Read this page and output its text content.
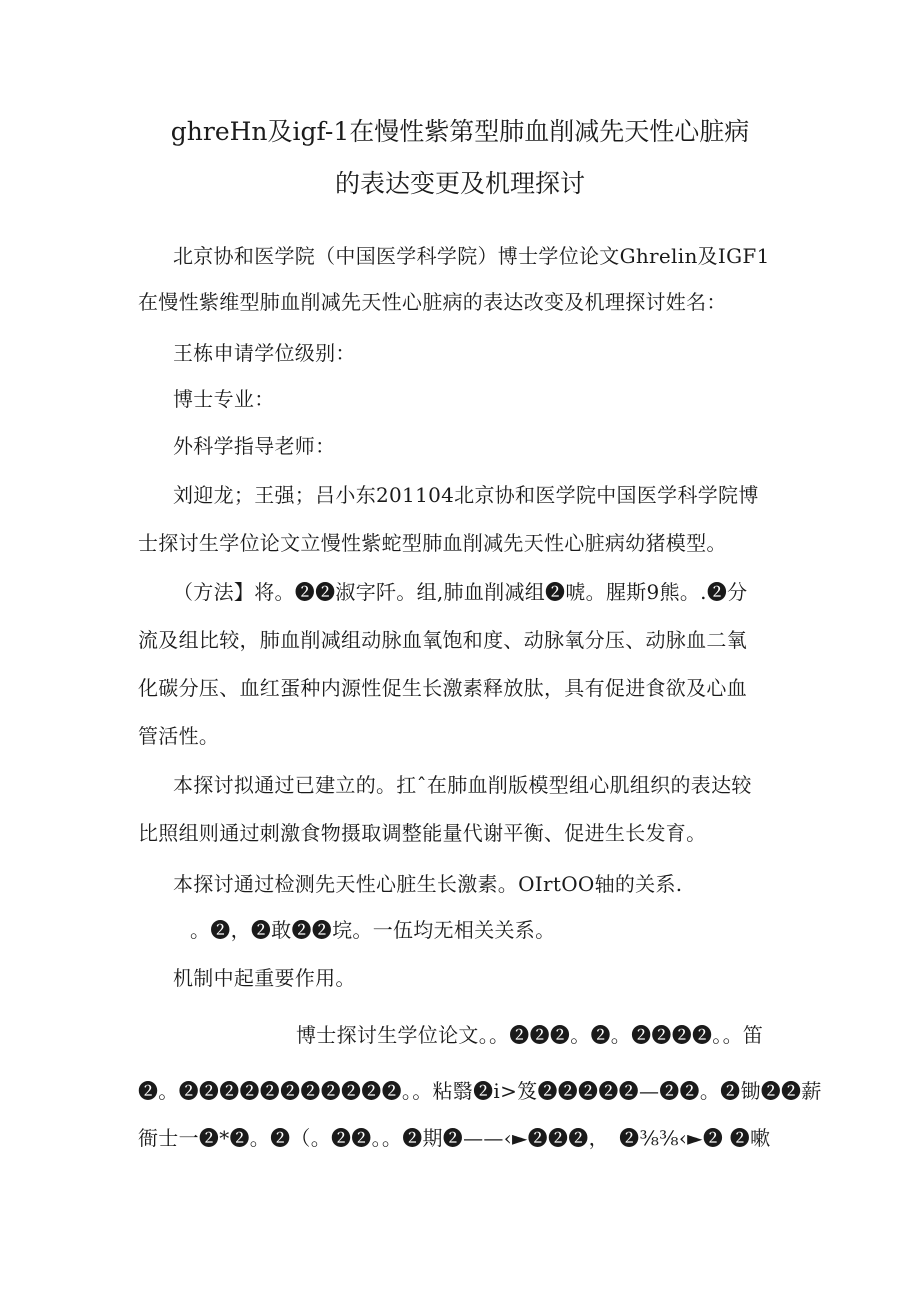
ghreHn及igf-1在慢性紫第型肺血削减先天性心脏病
的表达变更及机理探讨
北京协和医学院（中国医学科学院）博士学位论文Ghrelin及IGF1
在慢性紫维型肺血削减先天性心脏病的表达改变及机理探讨姓名：
王栋申请学位级别：
博士专业：
外科学指导老师：
刘迎龙；王强；吕小东201104北京协和医学院中国医学科学院博
士探讨生学位论文立慢性紫蛇型肺血削减先天性心脏病幼猪模型。
（方法】将。❷❷淑字阡。组,肺血削减组❷唬。腥斯9熊。.❷分
流及组比较，肺血削减组动脉血氧饱和度、动脉氧分压、动脉血二氧
化碳分压、血红蛋种内源性促生长激素释放肽，具有促进食欲及心血
管活性。
本探讨拟通过已建立的。扛ˆ在肺血削版模型组心肌组织的表达较
比照组则通过刺激食物摄取调整能量代谢平衡、促进生长发育。
本探讨通过检测先天性心脏生长激素。OIrtOO轴的关系.
。❷，❷敢❷❷垸。一伍均无相关关系。
机制中起重要作用。
博士探讨生学位论文。。❷❷❷。❷。❷❷❷❷。。笛
❷。❷❷❷❷❷❷❷❷❷❷❷。。粘翳❷i>笈❷❷❷❷❷—❷❷。❷锄❷❷薪
衙士一❷*❷。❷（。❷❷。。❷期❷——‹►❷❷❷，　❷⅜⅜‹►❷ ❷嗽
